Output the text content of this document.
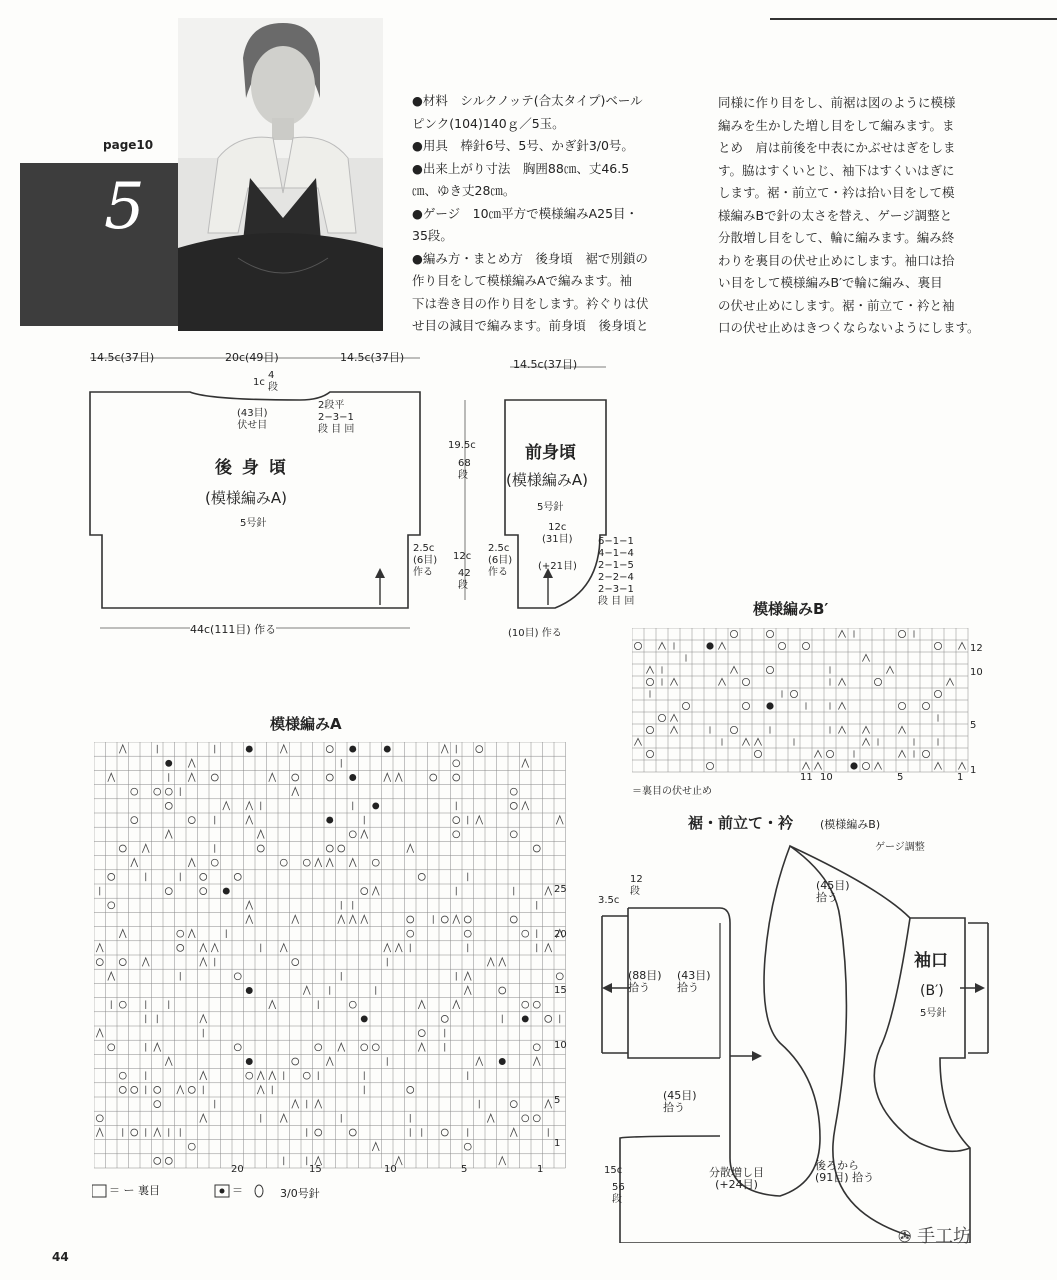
page10
5
●材料　シルクノッテ(合太タイプ)ベール
ピンク(104)140ｇ／5玉。
●用具　棒針6号、5号、かぎ針3/0号。
●出来上がり寸法　胸囲88㎝、丈46.5
㎝、ゆき丈28㎝。
●ゲージ　10㎝平方で模様編みA25目・
35段。
●編み方・まとめ方　後身頃　裾で別鎖の
作り目をして模様編みAで編みます。袖
下は巻き目の作り目をします。衿ぐりは伏
せ目の減目で編みます。前身頃　後身頃と
同様に作り目をし、前裾は図のように模様
編みを生かした増し目をして編みます。ま
とめ　肩は前後を中表にかぶせはぎをしま
す。脇はすくいとじ、袖下はすくいはぎに
します。裾・前立て・衿は拾い目をして模
様編みBで針の太さを替え、ゲージ調整と
分散増し目をして、輪に編みます。編み終
わりを裏目の伏せ止めにします。袖口は拾
い目をして模様編みB′で輪に編み、裏目
の伏せ止めにします。裾・前立て・衿と袖
口の伏せ止めはきつくならないようにします。
14.5c(37目)	20c(49目)	14.5c(37目)
1c
4段
(43目)
伏せ目
2段平
2−3−1
段 目 回
後 身 頃
(模様編みA)
5号針
2.5c
(6目)
作る
44c(111目) 作る
19.5c
68段
12c
42段
14.5c(37目)
前身頃
(模様編みA)
5号針
2.5c
(6目)
作る
12c
(31目)
(+21目)
6−1−1
4−1−4
2−1−5
2−2−4
2−3−1
段 目 回
(10目) 作る
模様編みB′
＝裏目の伏せ止め
12
10
5
1
11 10	5	1
模様編みA
25
20
15
10
5
1
20	15	10	5	1
＝ ー 裏目	＝	3/0号針
裾・前立て・衿 (模様編みB)
ゲージ調整
3.5c
12段
(88目)
拾う
(43目)
拾う
(45目)
拾う
(45目)
拾う
15c
56段
分散増し目
(+24目)
後ろから
(91目) 拾う
袖口
(B′)
5号針
44
✇ 手工坊
